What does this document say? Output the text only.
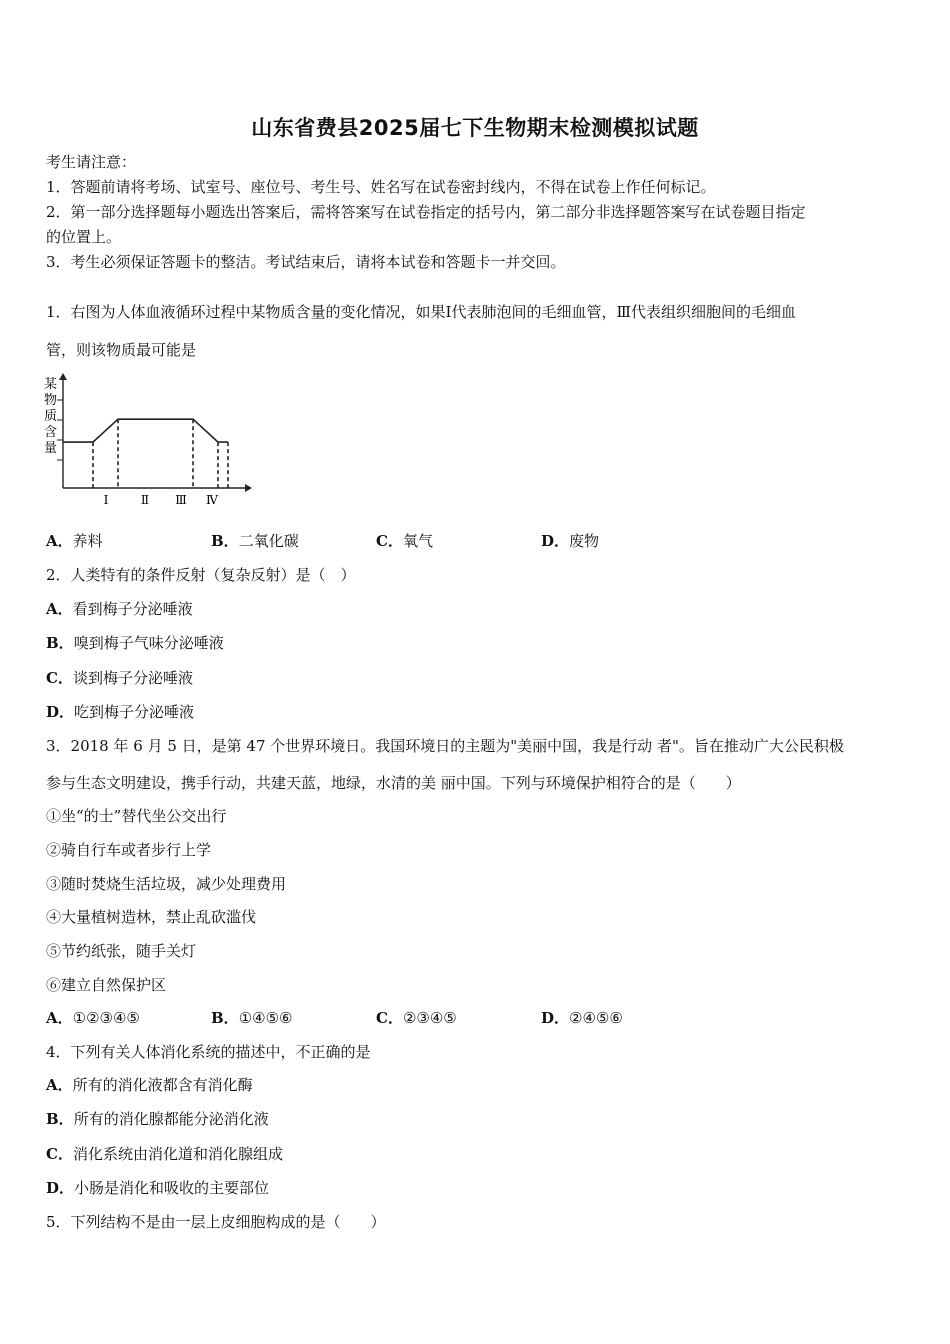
山东省费县2025届七下生物期末检测模拟试题
考生请注意：
1．答题前请将考场、试室号、座位号、考生号、姓名写在试卷密封线内，不得在试卷上作任何标记。
2．第一部分选择题每小题选出答案后，需将答案写在试卷指定的括号内，第二部分非选择题答案写在试卷题目指定
的位置上。
3．考生必须保证答题卡的整洁。考试结束后，请将本试卷和答题卡一并交回。
1．右图为人体血液循环过程中某物质含量的变化情况，如果Ⅰ代表肺泡间的毛细血管，Ⅲ代表组织细胞间的毛细血
管，则该物质最可能是
某
物
质
含
量
Ⅰ	Ⅱ Ⅲ Ⅳ
A．养料	B．二氧化碳	C．氧气	D．废物
2．人类特有的条件反射（复杂反射）是（　）
A．看到梅子分泌唾液
B．嗅到梅子气味分泌唾液
C．谈到梅子分泌唾液
D．吃到梅子分泌唾液
3．2018 年 6 月 5 日，是第 47 个世界环境日。我国环境日的主题为"美丽中国，我是行动 者"。旨在推动广大公民积极
参与生态文明建设，携手行动，共建天蓝，地绿，水清的美 丽中国。下列与环境保护相符合的是（　　）
①坐“的士”替代坐公交出行
②骑自行车或者步行上学
③随时焚烧生活垃圾，减少处理费用
④大量植树造林，禁止乱砍滥伐
⑤节约纸张，随手关灯
⑥建立自然保护区
A．①②③④⑤	B．①④⑤⑥	C．②③④⑤	D．②④⑤⑥
4．下列有关人体消化系统的描述中，不正确的是
A．所有的消化液都含有消化酶
B．所有的消化腺都能分泌消化液
C．消化系统由消化道和消化腺组成
D．小肠是消化和吸收的主要部位
5．下列结构不是由一层上皮细胞构成的是（　　）
